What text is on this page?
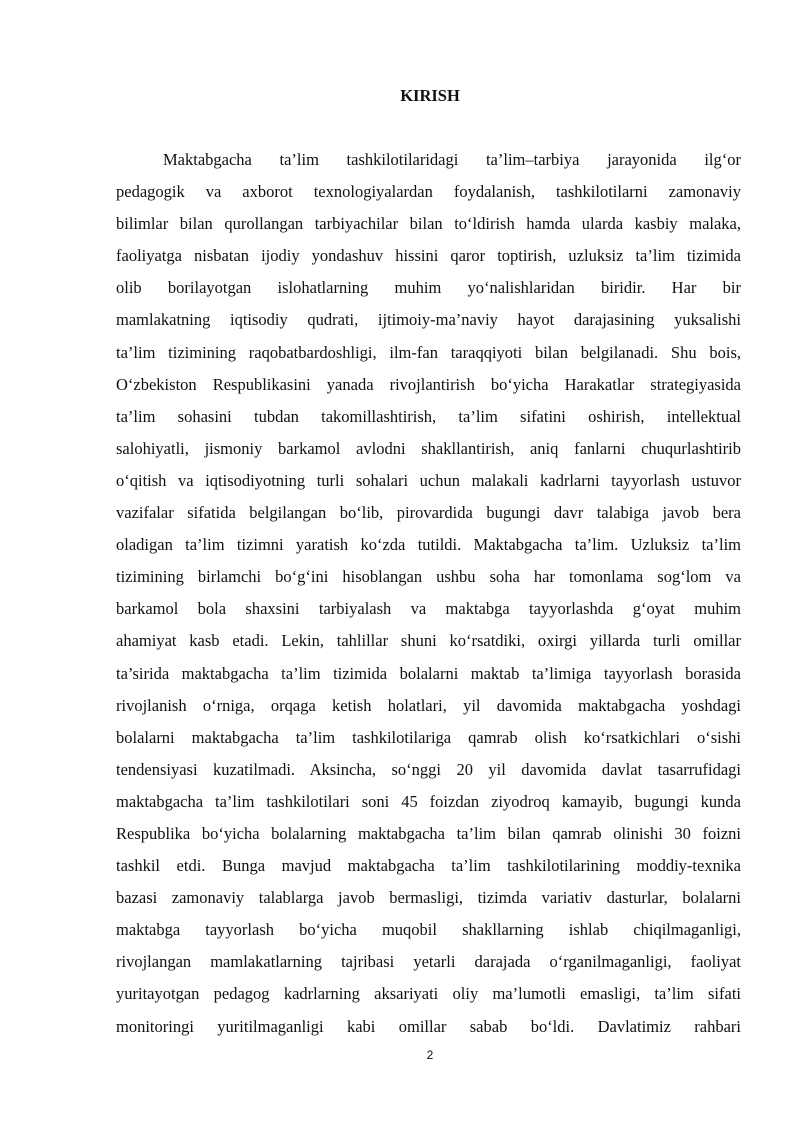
KIRISH
Maktabgacha ta’lim tashkilotilaridagi ta’lim–tarbiya jarayonida ilg‘or
pedagogik va axborot texnologiyalardan foydalanish, tashkilotilarni zamonaviy
bilimlar bilan qurollangan tarbiyachilar bilan to‘ldirish hamda ularda kasbiy malaka,
faoliyatga nisbatan ijodiy yondashuv hissini qaror toptirish, uzluksiz ta’lim tizimida
olib borilayotgan islohatlarning muhim yo‘nalishlaridan biridir. Har bir
mamlakatning iqtisodiy qudrati, ijtimoiy-ma’naviy hayot darajasining yuksalishi
ta’lim tizimining raqobatbardoshligi, ilm-fan taraqqiyoti bilan belgilanadi. Shu bois,
O‘zbekiston Respublikasini yanada rivojlantirish bo‘yicha Harakatlar strategiyasida
ta’lim sohasini tubdan takomillashtirish, ta’lim sifatini oshirish, intellektual
salohiyatli, jismoniy barkamol avlodni shakllantirish, aniq fanlarni chuqurlashtirib
o‘qitish va iqtisodiyotning turli sohalari uchun malakali kadrlarni tayyorlash ustuvor
vazifalar sifatida belgilangan bo‘lib, pirovardida bugungi davr talabiga javob bera
oladigan ta’lim tizimni yaratish ko‘zda tutildi. Maktabgacha ta’lim. Uzluksiz ta’lim
tizimining birlamchi bo‘g‘ini hisoblangan ushbu soha har tomonlama sog‘lom va
barkamol bola shaxsini tarbiyalash va maktabga tayyorlashda g‘oyat muhim
ahamiyat kasb etadi. Lekin, tahlillar shuni ko‘rsatdiki, oxirgi yillarda turli omillar
ta’sirida maktabgacha ta’lim tizimida bolalarni maktab ta’limiga tayyorlash borasida
rivojlanish o‘rniga, orqaga ketish holatlari, yil davomida maktabgacha yoshdagi
bolalarni maktabgacha ta’lim tashkilotilariga qamrab olish ko‘rsatkichlari o‘sishi
tendensiyasi kuzatilmadi. Aksincha, so‘nggi 20 yil davomida davlat tasarrufidagi
maktabgacha ta’lim tashkilotilari soni 45 foizdan ziyodroq kamayib, bugungi kunda
Respublika bo‘yicha bolalarning maktabgacha ta’lim bilan qamrab olinishi 30 foizni
tashkil etdi. Bunga mavjud maktabgacha ta’lim tashkilotilarining moddiy-texnika
bazasi zamonaviy talablarga javob bermasligi, tizimda variativ dasturlar, bolalarni
maktabga tayyorlash bo‘yicha muqobil shakllarning ishlab chiqilmaganligi,
rivojlangan mamlakatlarning tajribasi yetarli darajada o‘rganilmaganligi, faoliyat
yuritayotgan pedagog kadrlarning aksariyati oliy ma’lumotli emasligi, ta’lim sifati
monitoringi yuritilmaganligi kabi omillar sabab bo‘ldi. Davlatimiz rahbari
2
